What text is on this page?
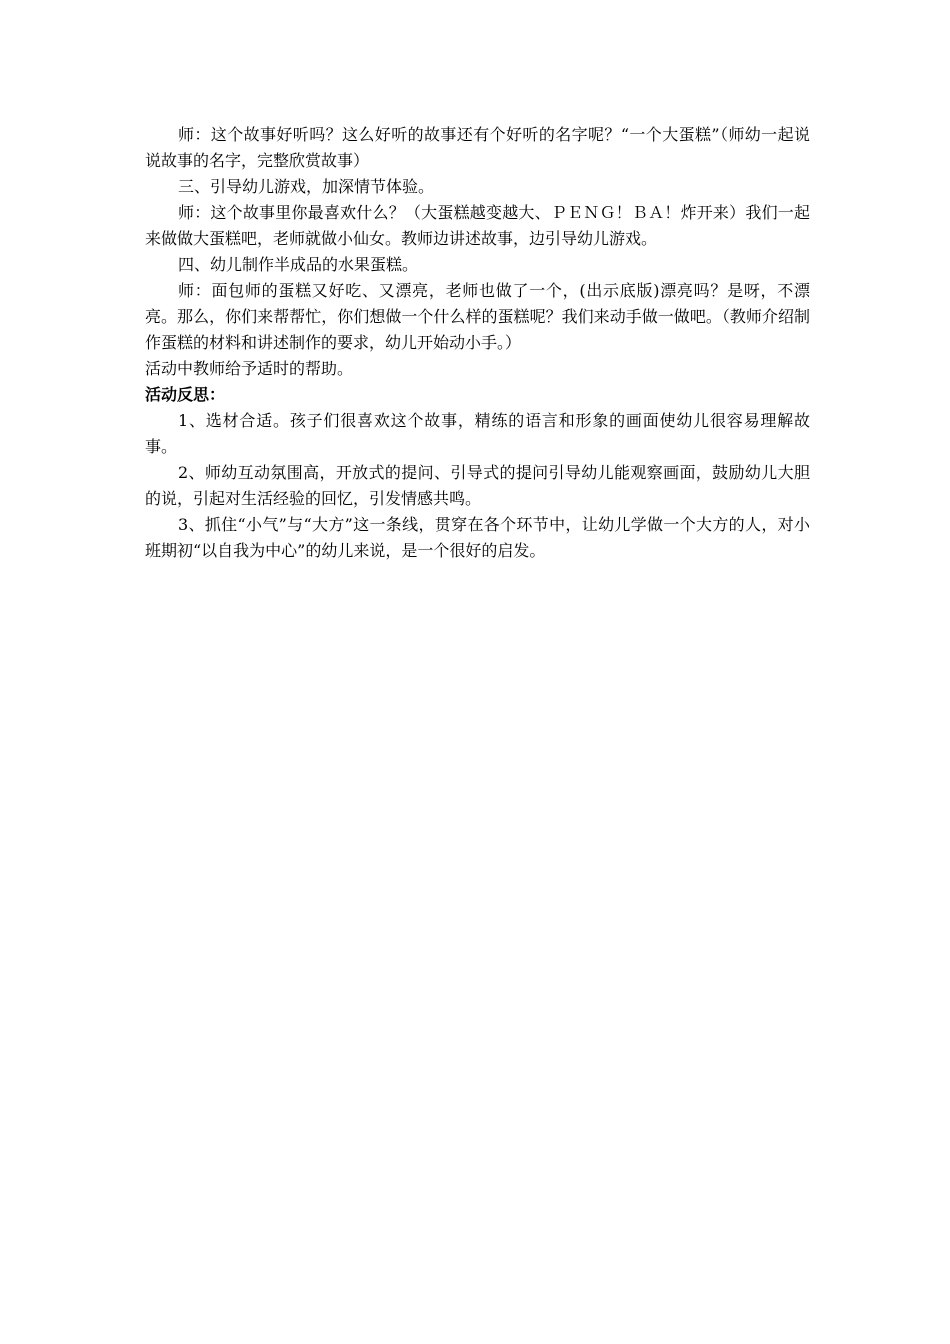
师：这个故事好听吗？这么好听的故事还有个好听的名字呢？“一个大蛋糕”（师幼一起说说故事的名字，完整欣赏故事）

三、引导幼儿游戏，加深情节体验。

师：这个故事里你最喜欢什么？（大蛋糕越变越大、ＰＥＮＧ！ＢＡ！炸开来）我们一起来做做大蛋糕吧，老师就做小仙女。教师边讲述故事，边引导幼儿游戏。

四、幼儿制作半成品的水果蛋糕。

师：面包师的蛋糕又好吃、又漂亮，老师也做了一个，(出示底版)漂亮吗？是呀，不漂亮。那么，你们来帮帮忙，你们想做一个什么样的蛋糕呢？我们来动手做一做吧。（教师介绍制作蛋糕的材料和讲述制作的要求，幼儿开始动小手。）

活动中教师给予适时的帮助。

活动反思：

1、选材合适。孩子们很喜欢这个故事，精练的语言和形象的画面使幼儿很容易理解故事。

2、师幼互动氛围高，开放式的提问、引导式的提问引导幼儿能观察画面，鼓励幼儿大胆的说，引起对生活经验的回忆，引发情感共鸣。

3、抓住“小气”与“大方”这一条线，贯穿在各个环节中，让幼儿学做一个大方的人，对小班期初“以自我为中心”的幼儿来说，是一个很好的启发。
